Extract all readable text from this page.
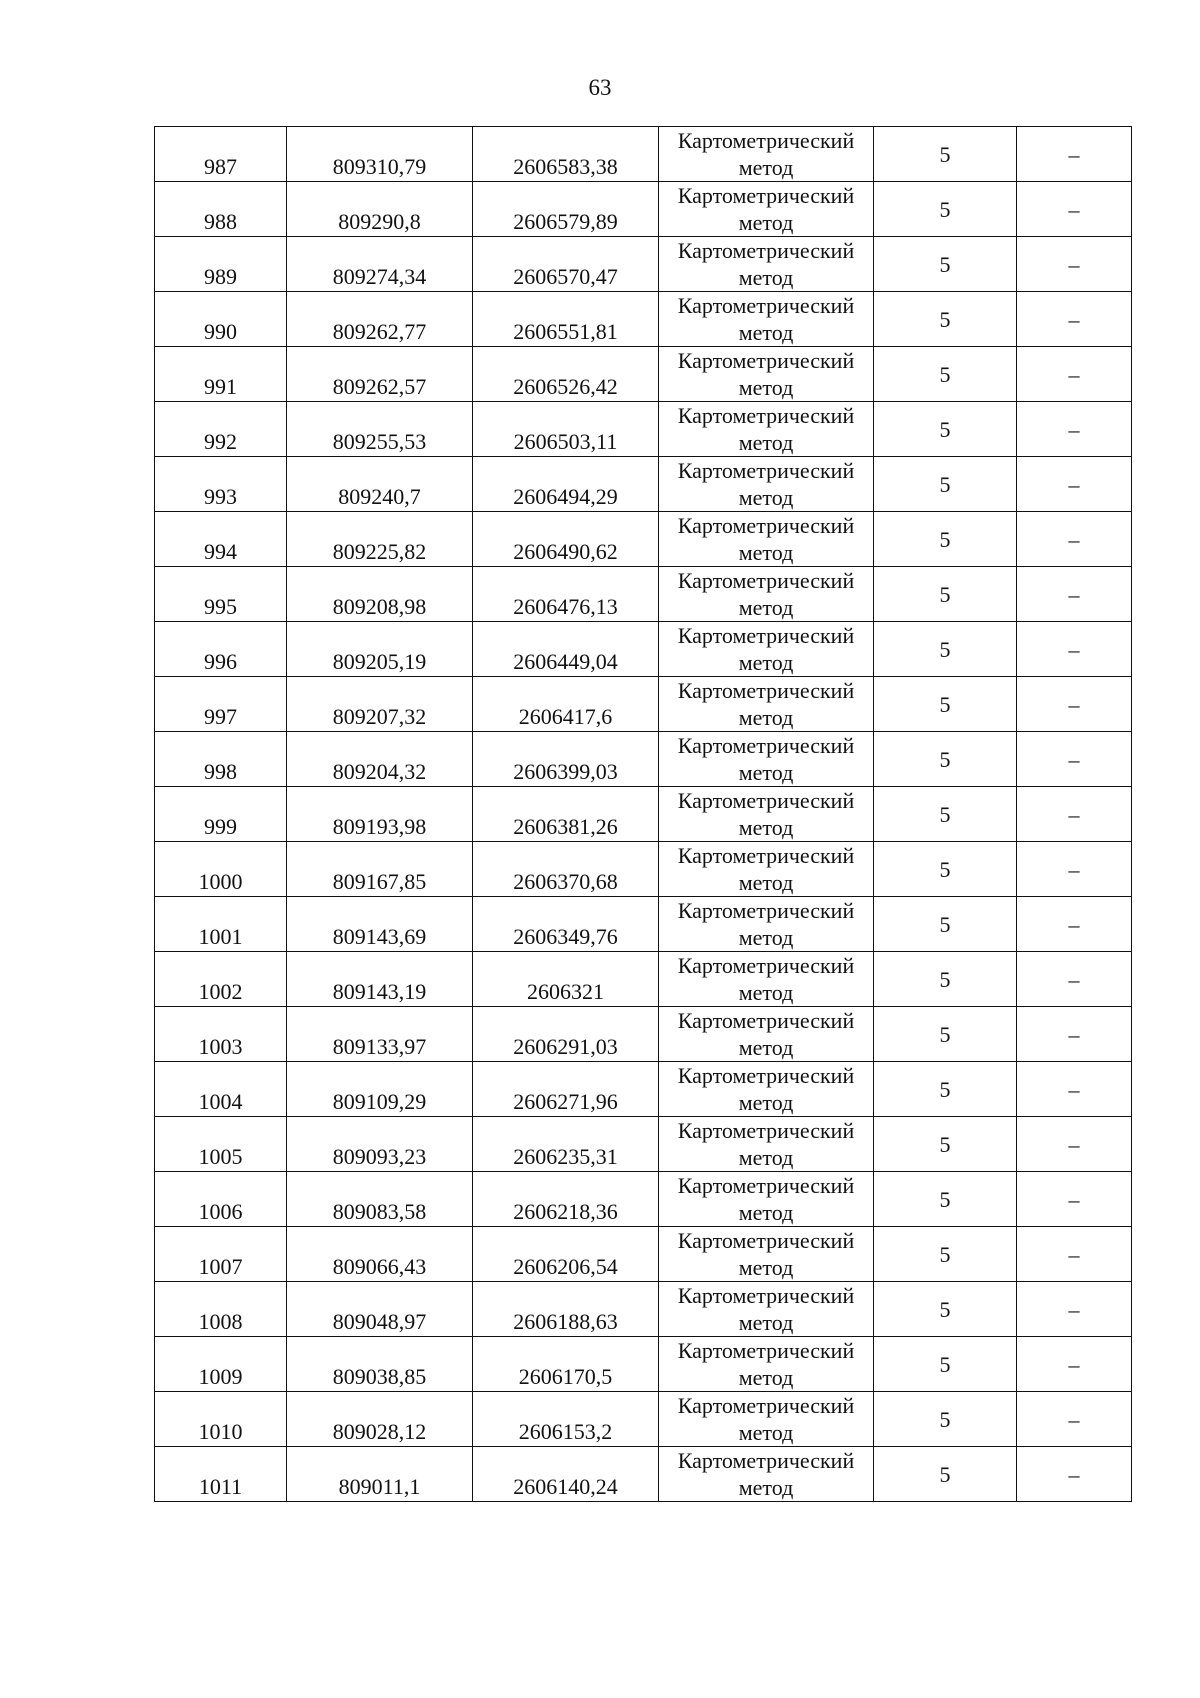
63
987	809310,79	2606583,38	Картометрический
метод	5	–
988	809290,8	2606579,89	Картометрический
метод	5	–
989	809274,34	2606570,47	Картометрический
метод	5	–
990	809262,77	2606551,81	Картометрический
метод	5	–
991	809262,57	2606526,42	Картометрический
метод	5	–
992	809255,53	2606503,11	Картометрический
метод	5	–
993	809240,7	2606494,29	Картометрический
метод	5	–
994	809225,82	2606490,62	Картометрический
метод	5	–
995	809208,98	2606476,13	Картометрический
метод	5	–
996	809205,19	2606449,04	Картометрический
метод	5	–
997	809207,32	2606417,6	Картометрический
метод	5	–
998	809204,32	2606399,03	Картометрический
метод	5	–
999	809193,98	2606381,26	Картометрический
метод	5	–
1000	809167,85	2606370,68	Картометрический
метод	5	–
1001	809143,69	2606349,76	Картометрический
метод	5	–
1002	809143,19	2606321	Картометрический
метод	5	–
1003	809133,97	2606291,03	Картометрический
метод	5	–
1004	809109,29	2606271,96	Картометрический
метод	5	–
1005	809093,23	2606235,31	Картометрический
метод	5	–
1006	809083,58	2606218,36	Картометрический
метод	5	–
1007	809066,43	2606206,54	Картометрический
метод	5	–
1008	809048,97	2606188,63	Картометрический
метод	5	–
1009	809038,85	2606170,5	Картометрический
метод	5	–
1010	809028,12	2606153,2	Картометрический
метод	5	–
1011	809011,1	2606140,24	Картометрический
метод	5	–
